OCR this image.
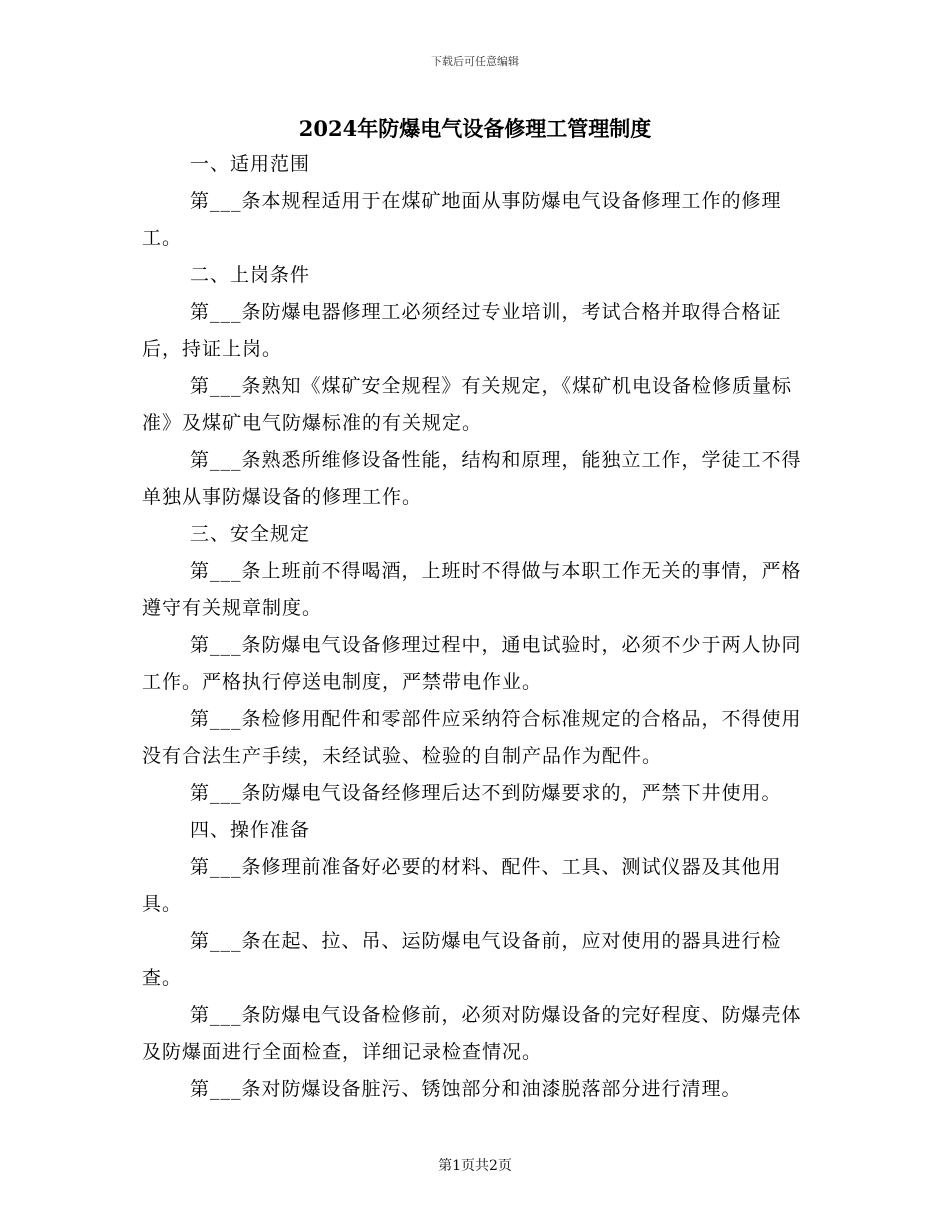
下载后可任意编辑
2024年防爆电气设备修理工管理制度

一、适用范围

第___条本规程适用于在煤矿地面从事防爆电气设备修理工作的修理工。

二、上岗条件

第___条防爆电器修理工必须经过专业培训，考试合格并取得合格证后，持证上岗。

第___条熟知《煤矿安全规程》有关规定，《煤矿机电设备检修质量标准》及煤矿电气防爆标准的有关规定。

第___条熟悉所维修设备性能，结构和原理，能独立工作，学徒工不得单独从事防爆设备的修理工作。

三、安全规定

第___条上班前不得喝酒，上班时不得做与本职工作无关的事情，严格遵守有关规章制度。

第___条防爆电气设备修理过程中，通电试验时，必须不少于两人协同工作。严格执行停送电制度，严禁带电作业。

第___条检修用配件和零部件应采纳符合标准规定的合格品，不得使用没有合法生产手续，未经试验、检验的自制产品作为配件。

第___条防爆电气设备经修理后达不到防爆要求的，严禁下井使用。

四、操作准备

第___条修理前准备好必要的材料、配件、工具、测试仪器及其他用具。

第___条在起、拉、吊、运防爆电气设备前，应对使用的器具进行检查。

第___条防爆电气设备检修前，必须对防爆设备的完好程度、防爆壳体及防爆面进行全面检查，详细记录检查情况。

第___条对防爆设备脏污、锈蚀部分和油漆脱落部分进行清理。

第1页共2页
